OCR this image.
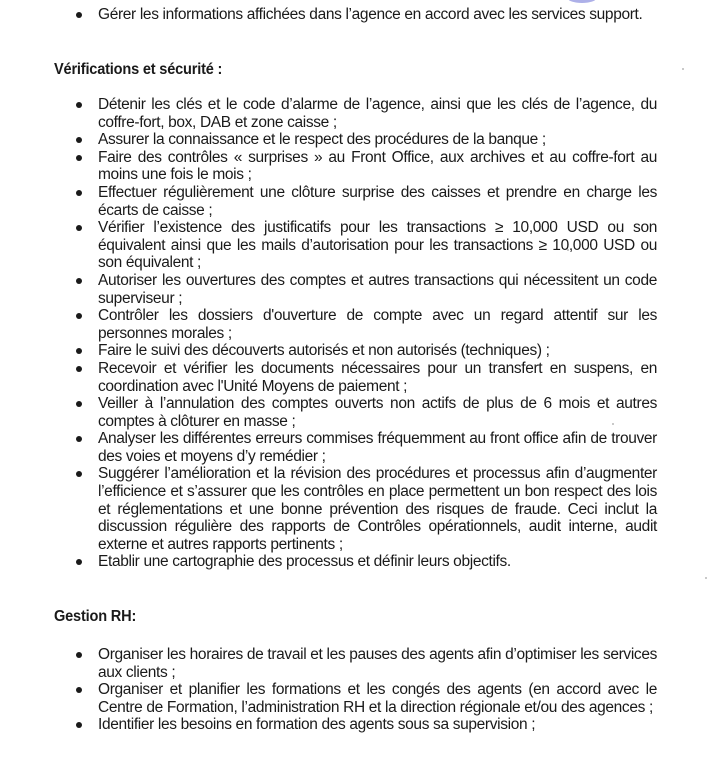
Gérer les informations affichées dans l’agence en accord avec les services support.
Vérifications et sécurité :
Détenir les clés et le code d’alarme de l’agence, ainsi que les clés de l’agence, du coffre-fort, box, DAB et zone caisse ;
Assurer la connaissance et le respect des procédures de la banque ;
Faire des contrôles « surprises » au Front Office, aux archives et au coffre-fort au moins une fois le mois ;
Effectuer régulièrement une clôture surprise des caisses et prendre en charge les écarts de caisse ;
Vérifier l’existence des justificatifs pour les transactions ≥ 10,000 USD ou son équivalent ainsi que les mails d’autorisation pour les transactions ≥ 10,000 USD ou son équivalent ;
Autoriser les ouvertures des comptes et autres transactions qui nécessitent un code superviseur ;
Contrôler les dossiers d'ouverture de compte avec un regard attentif sur les personnes morales ;
Faire le suivi des découverts autorisés et non autorisés (techniques) ;
Recevoir et vérifier les documents nécessaires pour un transfert en suspens, en coordination avec l'Unité Moyens de paiement ;
Veiller à l’annulation des comptes ouverts non actifs de plus de 6 mois et autres comptes à clôturer en masse ;
Analyser les différentes erreurs commises fréquemment au front office afin de trouver des voies et moyens d’y remédier ;
Suggérer l’amélioration et la révision des procédures et processus afin d’augmenter l’efficience et s’assurer que les contrôles en place permettent un bon respect des lois et réglementations et une bonne prévention des risques de fraude. Ceci inclut la discussion régulière des rapports de Contrôles opérationnels, audit interne, audit externe et autres rapports pertinents ;
Etablir une cartographie des processus et définir leurs objectifs.
Gestion RH:
Organiser les horaires de travail et les pauses des agents afin d’optimiser les services aux clients ;
Organiser et planifier les formations et les congés des agents (en accord avec le Centre de Formation, l’administration RH et la direction régionale et/ou des agences ;
Identifier les besoins en formation des agents sous sa supervision ;
